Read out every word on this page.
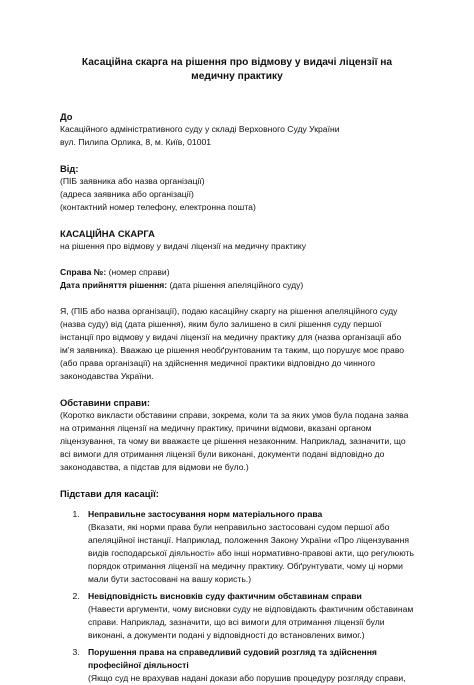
Касаційна скарга на рішення про відмову у видачі ліцензії на медичну практику
До
Касаційного адміністративного суду у складі Верховного Суду України
вул. Пилипа Орлика, 8, м. Київ, 01001
Від:
(ПІБ заявника або назва організації)
(адреса заявника або організації)
(контактний номер телефону, електронна пошта)
КАСАЦІЙНА СКАРГА
на рішення про відмову у видачі ліцензії на медичну практику
Справа №: (номер справи)
Дата прийняття рішення: (дата рішення апеляційного суду)
Я, (ПІБ або назва організації), подаю касаційну скаргу на рішення апеляційного суду (назва суду) від (дата рішення), яким було залишено в силі рішення суду першої інстанції про відмову у видачі ліцензії на медичну практику для (назва організації або ім'я заявника). Вважаю це рішення необґрунтованим та таким, що порушує моє право (або права організації) на здійснення медичної практики відповідно до чинного законодавства України.
Обставини справи:
(Коротко викласти обставини справи, зокрема, коли та за яких умов була подана заява на отримання ліцензії на медичну практику, причини відмови, вказані органом ліцензування, та чому ви вважаєте це рішення незаконним. Наприклад, зазначити, що всі вимоги для отримання ліцензії були виконані, документи подані відповідно до законодавства, а підстав для відмови не було.)
Підстави для касації:
1. Неправильне застосування норм матеріального права
(Вказати, які норми права були неправильно застосовані судом першої або апеляційної інстанції. Наприклад, положення Закону України «Про ліцензування видів господарської діяльності» або інші нормативно-правові акти, що регулюють порядок отримання ліцензії на медичну практику. Обґрунтувати, чому ці норми мали бути застосовані на вашу користь.)
2. Невідповідність висновків суду фактичним обставинам справи
(Навести аргументи, чому висновки суду не відповідають фактичним обставинам справи. Наприклад, зазначити, що всі вимоги для отримання ліцензії були виконані, а документи подані у відповідності до встановлених вимог.)
3. Порушення права на справедливий судовий розгляд та здійснення професійної діяльності
(Якщо суд не врахував надані докази або порушив процедуру розгляду справи,
